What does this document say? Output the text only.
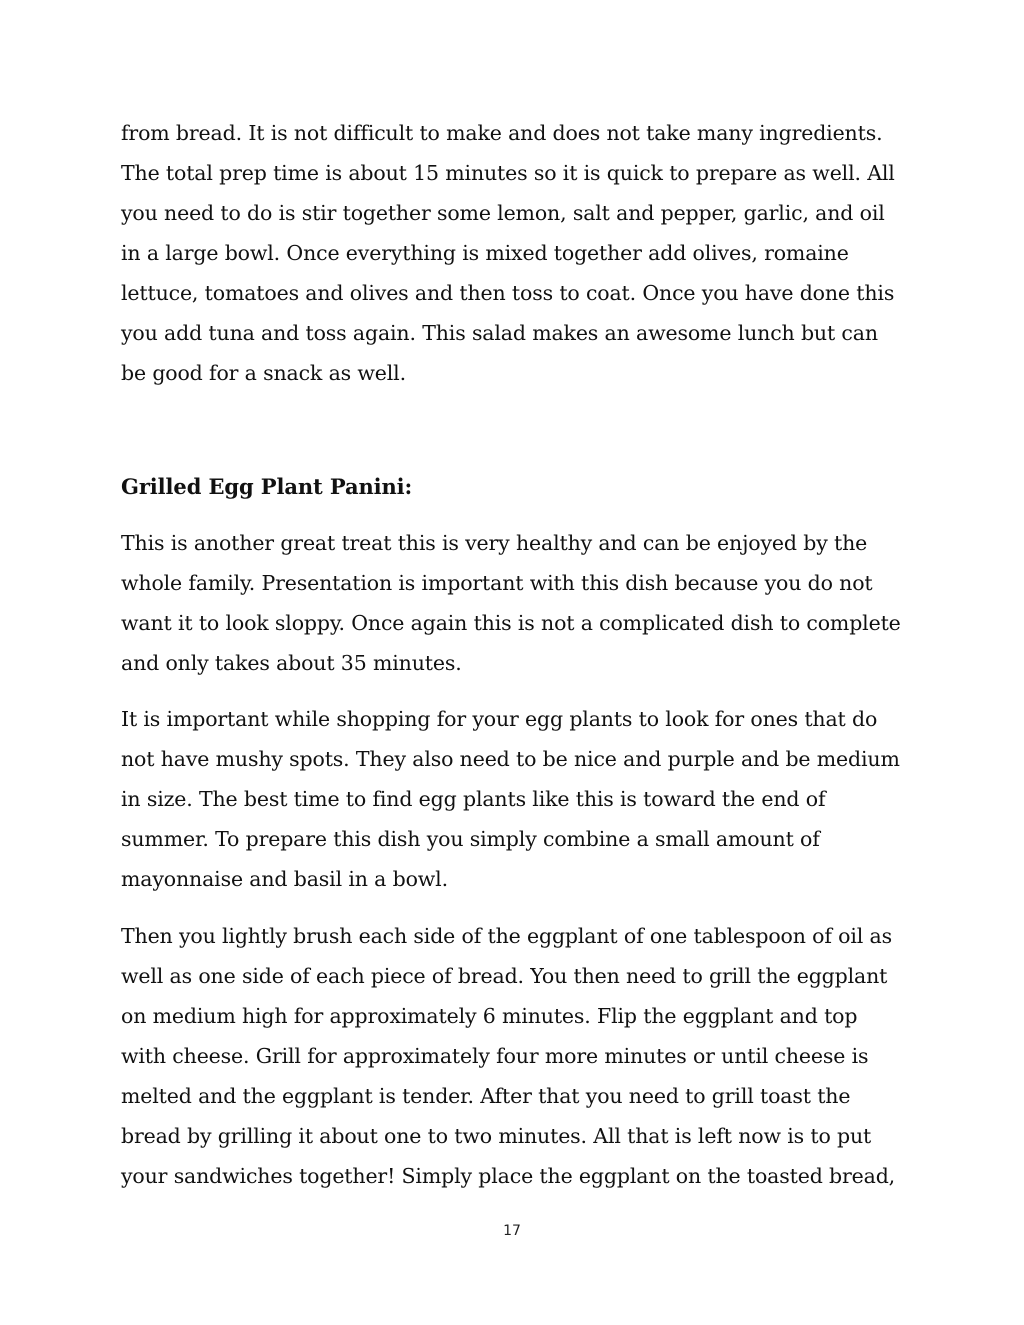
from bread. It is not difficult to make and does not take many ingredients.
The total prep time is about 15 minutes so it is quick to prepare as well. All
you need to do is stir together some lemon, salt and pepper, garlic, and oil
in a large bowl. Once everything is mixed together add olives, romaine
lettuce, tomatoes and olives and then toss to coat. Once you have done this
you add tuna and toss again. This salad makes an awesome lunch but can
be good for a snack as well.
Grilled Egg Plant Panini:
This is another great treat this is very healthy and can be enjoyed by the
whole family. Presentation is important with this dish because you do not
want it to look sloppy. Once again this is not a complicated dish to complete
and only takes about 35 minutes.
It is important while shopping for your egg plants to look for ones that do
not have mushy spots. They also need to be nice and purple and be medium
in size. The best time to find egg plants like this is toward the end of
summer. To prepare this dish you simply combine a small amount of
mayonnaise and basil in a bowl.
Then you lightly brush each side of the eggplant of one tablespoon of oil as
well as one side of each piece of bread. You then need to grill the eggplant
on medium high for approximately 6 minutes. Flip the eggplant and top
with cheese. Grill for approximately four more minutes or until cheese is
melted and the eggplant is tender. After that you need to grill toast the
bread by grilling it about one to two minutes. All that is left now is to put
your sandwiches together! Simply place the eggplant on the toasted bread,
17
